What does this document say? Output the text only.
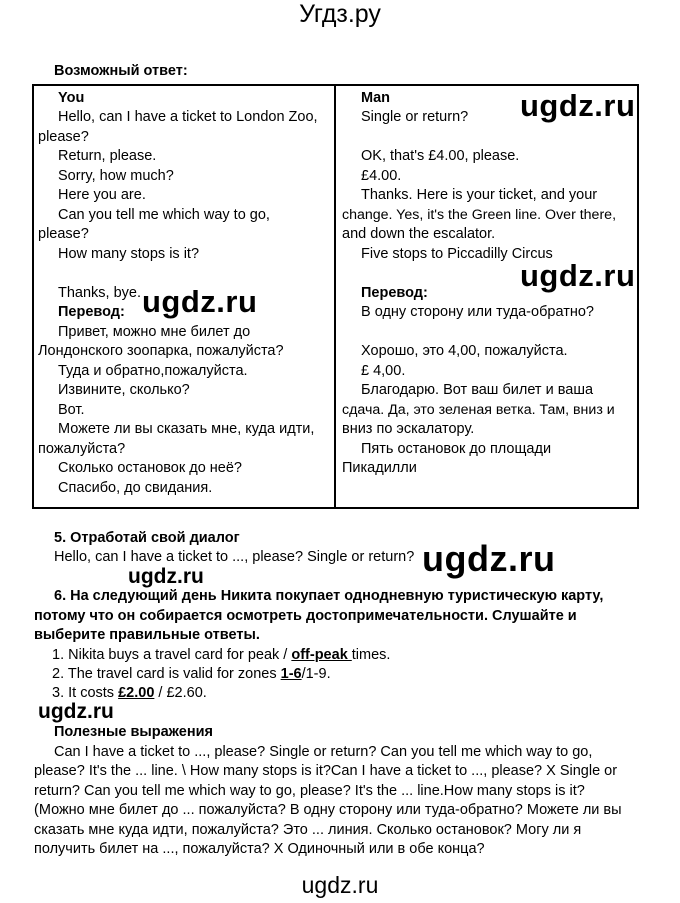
Угдз.ру
Возможный ответ:
You
Hello, can I have a ticket to London Zoo,
please?
Return, please.
Sorry, how much?
Here you are.
Can you tell me which way to go,
please?
How many stops is it?
Thanks, bye.
Перевод:
Привет, можно мне билет до
Лондонского зоопарка, пожалуйста?
Туда и обратно,пожалуйста.
Извините, сколько?
Вот.
Можете ли вы сказать мне, куда идти,
пожалуйста?
Сколько остановок до неё?
Спасибо, до свидания.
Man
Single or return?
OK, that's £4.00, please.
£4.00.
Thanks. Here is your ticket, and your
change. Yes, it's the Green line. Over there,
and down the escalator.
Five stops to Piccadilly Circus
Перевод:
В одну сторону или туда-обратно?
Хорошо, это 4,00, пожалуйста.
£ 4,00.
Благодарю. Вот ваш билет и ваша
сдача. Да, это зеленая ветка. Там, вниз и
вниз по эскалатору.
Пять остановок до площади
Пикадилли
5. Отработай свой диалог
Hello, can I have a ticket to ..., please? Single or return?
6. На следующий день Никита покупает однодневную туристическую карту,
потому что он собирается осмотреть достопримечательности. Слушайте и
выберите правильные ответы.
1. Nikita buys a travel card for peak / off-peak times.
2. The travel card is valid for zones 1-6/1-9.
3. It costs £2.00 / £2.60.
Полезные выражения
Can I have a ticket to ..., please? Single or return? Can you tell me which way to go,
please? It's the ... line. \ How many stops is it?Can I have a ticket to ..., please? X Single or
return? Can you tell me which way to go, please? It's the ... line.How many stops is it?
(Можно мне билет до ... пожалуйста? В одну сторону или туда-обратно? Можете ли вы
сказать мне куда идти, пожалуйста? Это ... линия. Сколько остановок? Могу ли я
получить билет на ..., пожалуйста? X Одиночный или в обе конца?
ugdz.ru
ugdz.ru
ugdz.ru
ugdz.ru
ugdz.ru
ugdz.ru
ugdz.ru
